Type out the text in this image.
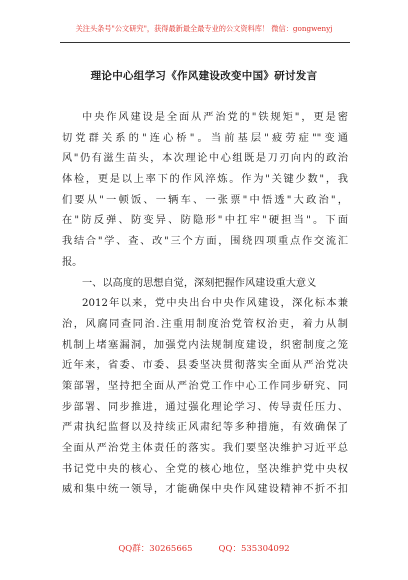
关注头条号"公文研究"，获得最新最全最专业的公文资料库！ 微信：gongwenyj
理论中心组学习《作风建设改变中国》研讨发言
中央作风建设是全面从严治党的"铁规矩"，更是密
切党群关系的"连心桥"。当前基层"疲劳症""变通
风"仍有滋生苗头，本次理论中心组既是刀刃向内的政治
体检，更是以上率下的作风淬炼。作为"关键少数"，我
们要从"一顿饭、一辆车、一张票"中悟透"大政治"，
在"防反弹、防变异、防隐形"中扛牢"硬担当"。下面
我结合"学、查、改"三个方面，围绕四项重点作交流汇
报。
一、以高度的思想自觉，深刻把握作风建设重大意义
2012年以来，党中央出台中央作风建设，深化标本兼
治，风腐同查同治.注重用制度治党管权治吏，着力从制
机制上堵塞漏洞，加强党内法规制度建设，织密制度之笼
近年来，省委、市委、县委坚决贯彻落实全面从严治党决
策部署，坚持把全面从严治党工作中心工作同步研究、同
步部署、同步推进，通过强化理论学习、传导责任压力、
严肃执纪监督以及持续正风肃纪等多种措施，有效确保了
全面从严治党主体责任的落实。我们要坚决维护习近平总
书记党中央的核心、全党的核心地位，坚决维护党中央权
威和集中统一领导，才能确保中央作风建设精神不折不扣
QQ群：30265665	QQ：535304092
